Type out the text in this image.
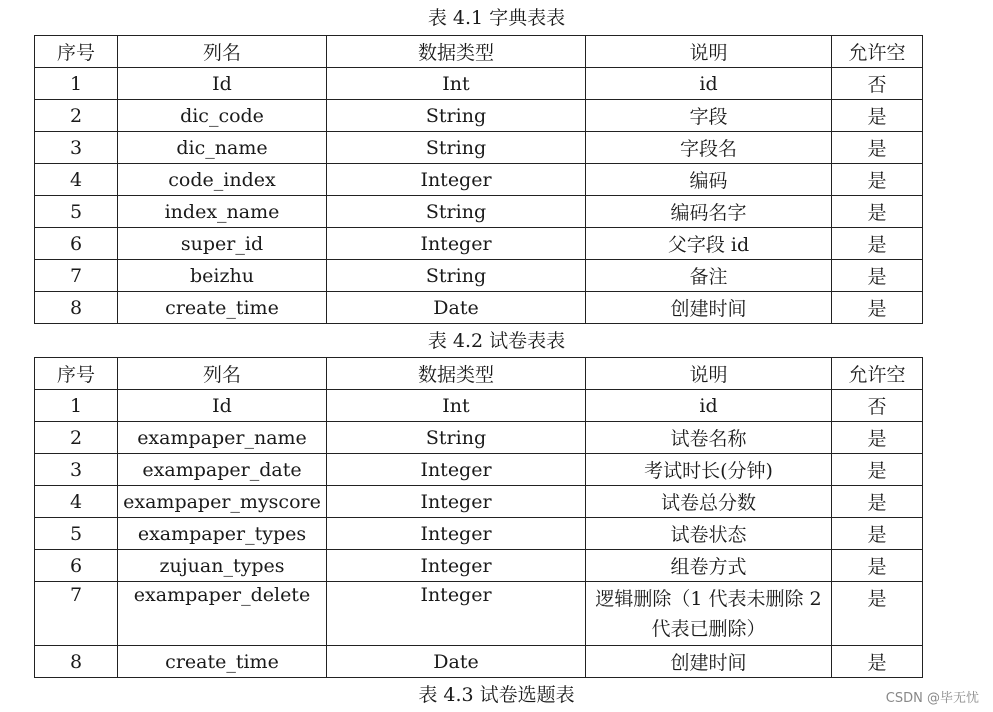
表 4.1 字典表表
序号	列名	数据类型	说明	允许空
1	Id	Int	id	否
2	dic_code	String	字段	是
3	dic_name	String	字段名	是
4	code_index	Integer	编码	是
5	index_name	String	编码名字	是
6	super_id	Integer	父字段 id	是
7	beizhu	String	备注	是
8	create_time	Date	创建时间	是
表 4.2 试卷表表
序号	列名	数据类型	说明	允许空
1	Id	Int	id	否
2	exampaper_name	String	试卷名称	是
3	exampaper_date	Integer	考试时长(分钟)	是
4	exampaper_myscore	Integer	试卷总分数	是
5	exampaper_types	Integer	试卷状态	是
6	zujuan_types	Integer	组卷方式	是
7	exampaper_delete	Integer	逻辑删除（1 代表未删除 2 代表已删除）	是
8	create_time	Date	创建时间	是
表 4.3 试卷选题表	CSDN @毕无忧
